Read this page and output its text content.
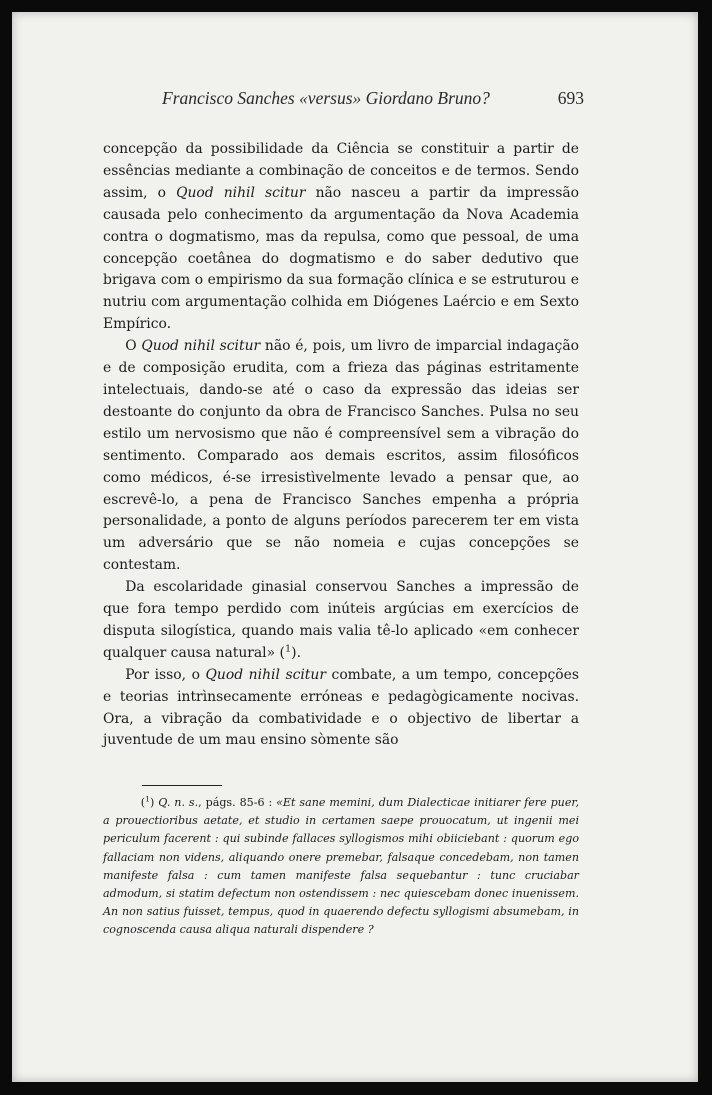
Francisco Sanches «versus» Giordano Bruno?	693

concepção da possibilidade da Ciência se constituir a partir de essências mediante a combinação de conceitos e de termos. Sendo assim, o Quod nihil scitur não nasceu a partir da impressão causada pelo conhecimento da argumentação da Nova Academia contra o dogmatismo, mas da repulsa, como que pessoal, de uma concepção coetânea do dogmatismo e do saber dedutivo que brigava com o empirismo da sua formação clínica e se estruturou e nutriu com argumentação colhida em Diógenes Laércio e em Sexto Empírico.

O Quod nihil scitur não é, pois, um livro de imparcial indagação e de composição erudita, com a frieza das páginas estritamente intelectuais, dando-se até o caso da expressão das ideias ser destoante do conjunto da obra de Francisco Sanches. Pulsa no seu estilo um nervosismo que não é compreensível sem a vibração do sentimento. Comparado aos demais escritos, assim filosóficos como médicos, é-se irresistìvelmente levado a pensar que, ao escrevê-lo, a pena de Francisco Sanches empenha a própria personalidade, a ponto de alguns períodos parecerem ter em vista um adversário que se não nomeia e cujas concepções se contestam.

Da escolaridade ginasial conservou Sanches a impressão de que fora tempo perdido com inúteis argúcias em exercícios de disputa silogística, quando mais valia tê-lo aplicado «em conhecer qualquer causa natural» ($^1$).

Por isso, o Quod nihil scitur combate, a um tempo, concepções e teorias intrìnsecamente erróneas e pedagògicamente nocivas. Ora, a vibração da combatividade e o objectivo de libertar a juventude de um mau ensino sòmente são

($^1$) Q. n. s., págs. 85-6 : «Et sane memini, dum Dialecticae initiarer fere puer, a prouectioribus aetate, et studio in certamen saepe prouocatum, ut ingenii mei periculum facerent : qui subinde fallaces syllogismos mihi obiiciebant : quorum ego fallaciam non videns, aliquando onere premebar, falsaque concedebam, non tamen manifeste falsa : cum tamen manifeste falsa sequebantur : tunc cruciabar admodum, si statim defectum non ostendissem : nec quiescebam donec inuenissem. An non satius fuisset, tempus, quod in quaerendo defectu syllogismi absumebam, in cognoscenda causa aliqua naturali dispendere ?
